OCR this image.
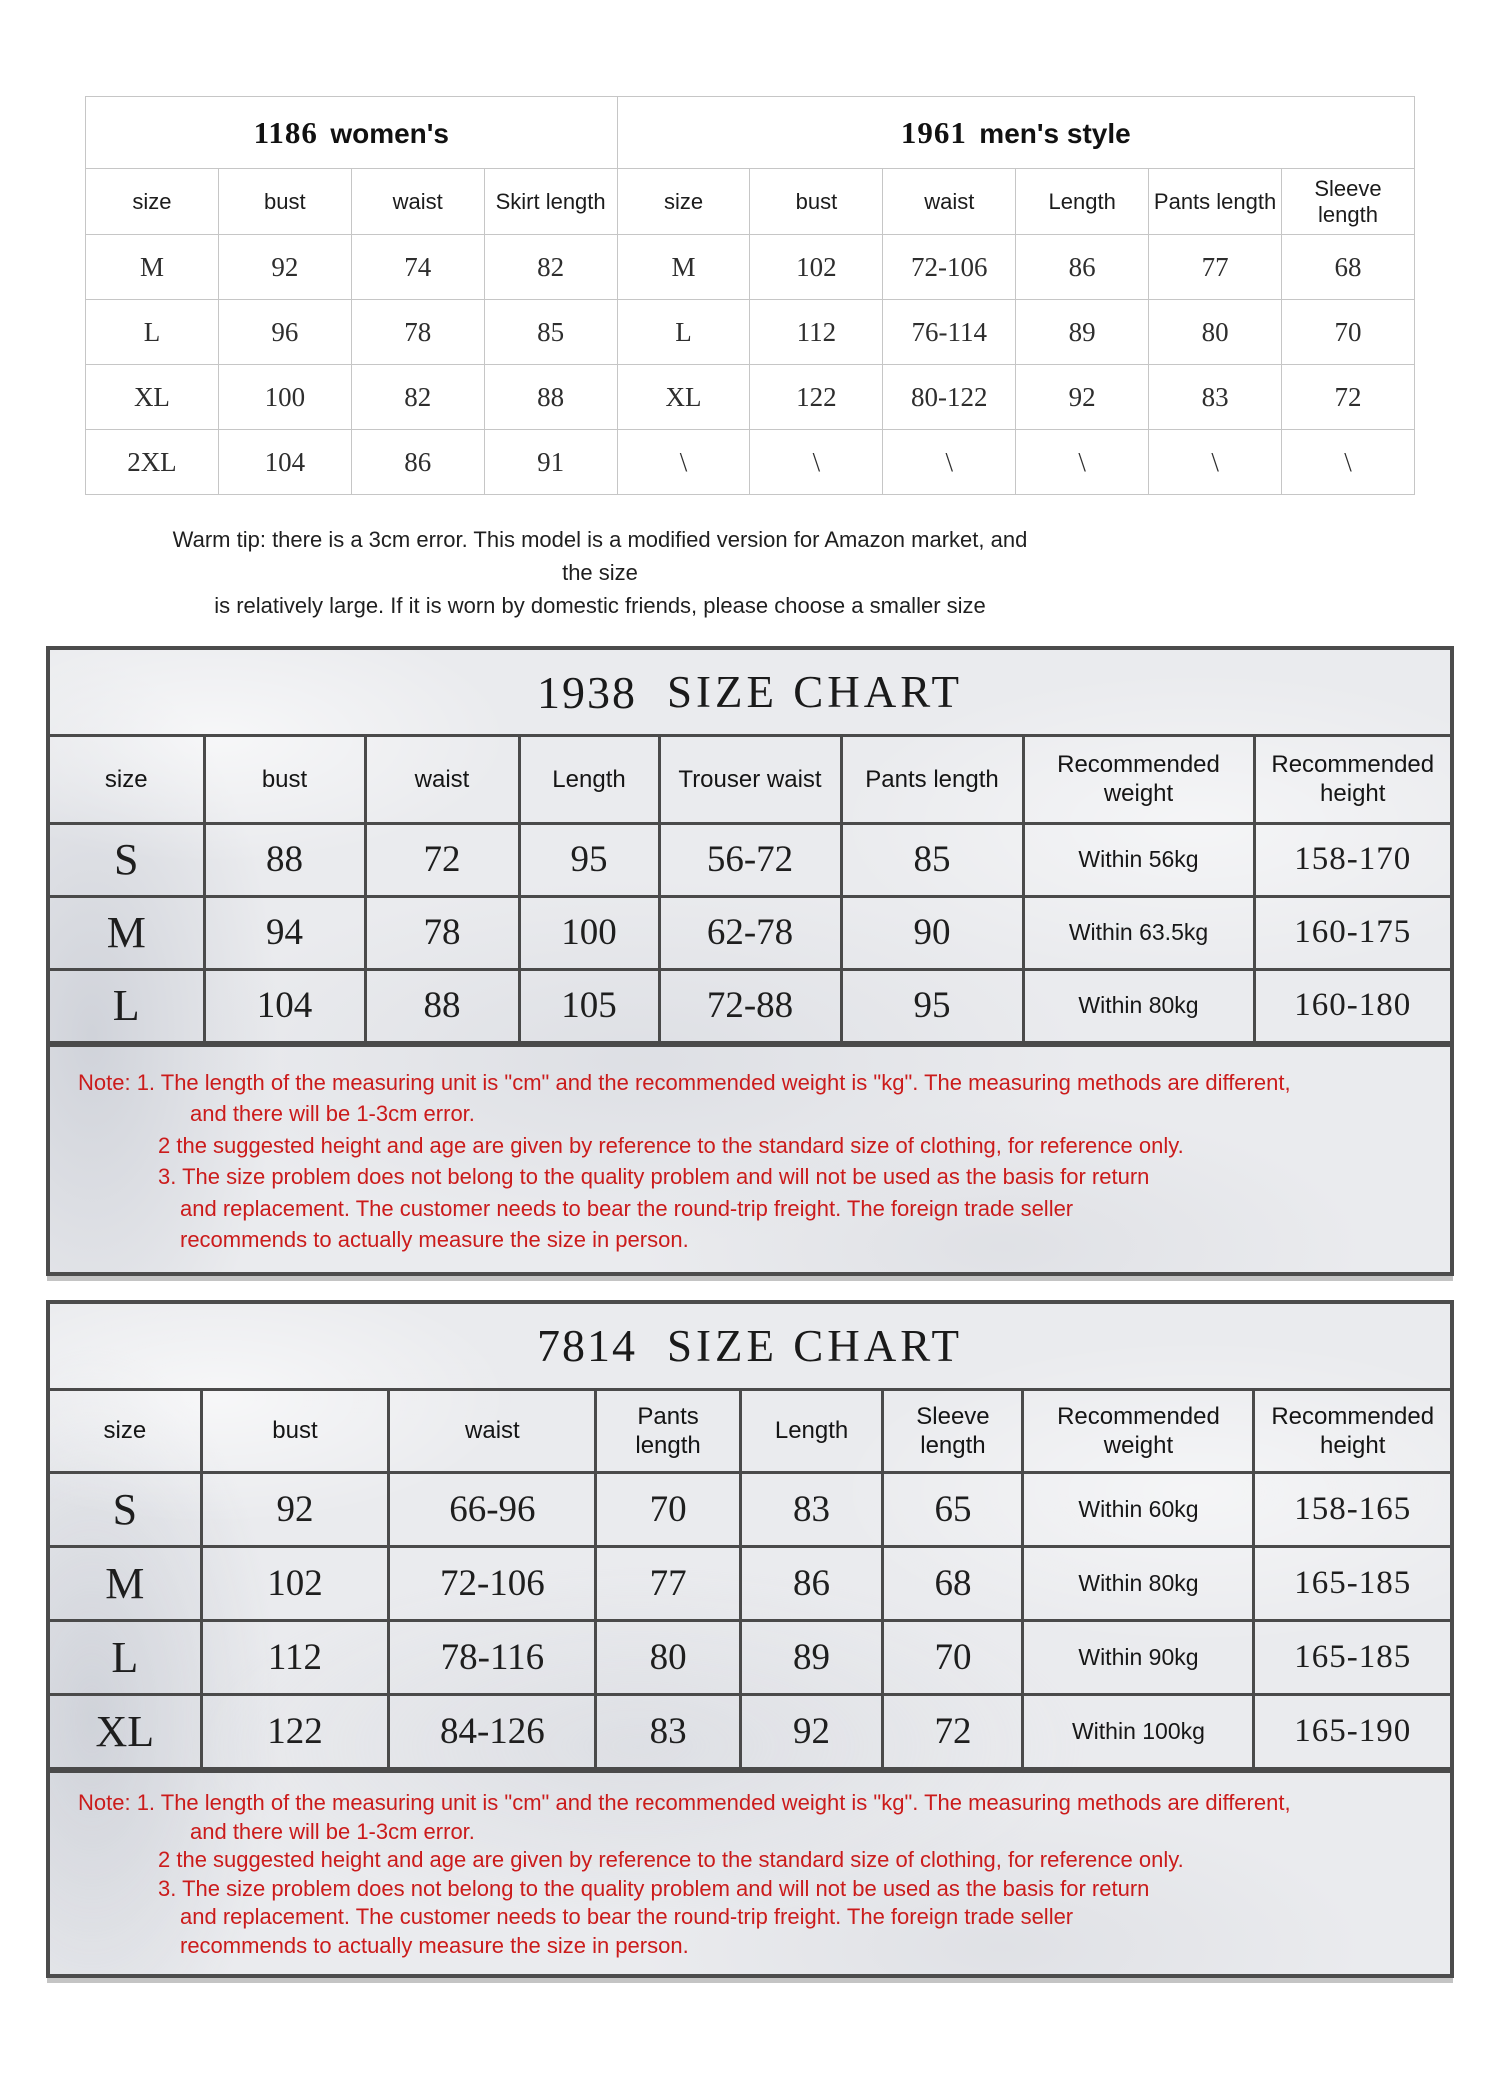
1186 women's				1961 men's style					
size	bust	waist	Skirt length	size	bust	waist	Length	Pants length	Sleeve length
M	92	74	82	M	102	72-106	86	77	68
L	96	78	85	L	112	76-114	89	80	70
XL	100	82	88	XL	122	80-122	92	83	72
2XL	104	86	91	\	\	\	\	\	\
Warm tip: there is a 3cm error. This model is a modified version for Amazon market, and the size
is relatively large. If it is worn by domestic friends, please choose a smaller size
1938 SIZE CHART
size	bust	waist	Length	Trouser waist	Pants length	Recommended weight	Recommended height
S	88	72	95	56-72	85	Within 56kg	158-170
M	94	78	100	62-78	90	Within 63.5kg	160-175
L	104	88	105	72-88	95	Within 80kg	160-180
Note: 1. The length of the measuring unit is "cm" and the recommended weight is "kg". The measuring methods are different,
and there will be 1-3cm error.
2 the suggested height and age are given by reference to the standard size of clothing, for reference only.
3. The size problem does not belong to the quality problem and will not be used as the basis for return
and replacement. The customer needs to bear the round-trip freight. The foreign trade seller
recommends to actually measure the size in person.
7814 SIZE CHART
size	bust	waist	Pants length	Length	Sleeve length	Recommended weight	Recommended height
S	92	66-96	70	83	65	Within 60kg	158-165
M	102	72-106	77	86	68	Within 80kg	165-185
L	112	78-116	80	89	70	Within 90kg	165-185
XL	122	84-126	83	92	72	Within 100kg	165-190
Note: 1. The length of the measuring unit is "cm" and the recommended weight is "kg". The measuring methods are different,
and there will be 1-3cm error.
2 the suggested height and age are given by reference to the standard size of clothing, for reference only.
3. The size problem does not belong to the quality problem and will not be used as the basis for return
and replacement. The customer needs to bear the round-trip freight. The foreign trade seller
recommends to actually measure the size in person.
